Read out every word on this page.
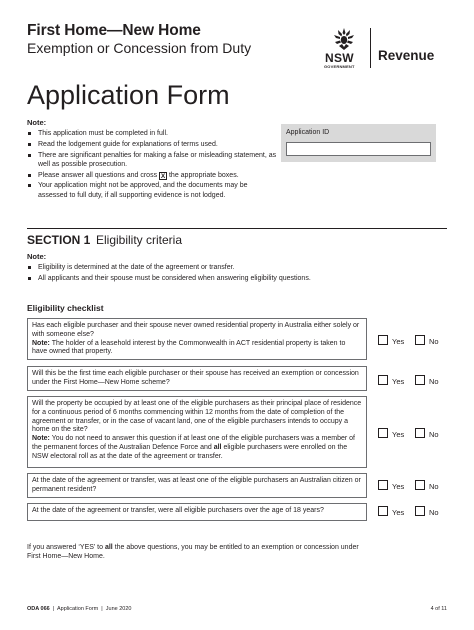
First Home—New Home
Exemption or Concession from Duty
NSW
GOVERNMENT
Revenue
Application Form
Note:
This application must be completed in full.
Read the lodgement guide for explanations of terms used.
There are significant penalties for making a false or misleading statement, as well as possible prosecution.
Please answer all questions and cross X the appropriate boxes.
Your application might not be approved, and the documents may be assessed to full duty, if all supporting evidence is not lodged.
Application ID
SECTION 1 Eligibility criteria
Note:
Eligibility is determined at the date of the agreement or transfer.
All applicants and their spouse must be considered when answering eligibility questions.
Eligibility checklist
Has each eligible purchaser and their spouse never owned residential property in Australia either solely or with someone else?
Note: The holder of a leasehold interest by the Commonwealth in ACT residential property is taken to have owned that property.
Yes	No
Will this be the first time each eligible purchaser or their spouse has received an exemption or concession under the First Home—New Home scheme?	Yes	No
Will the property be occupied by at least one of the eligible purchasers as their principal place of residence for a continuous period of 6 months commencing within 12 months from the date of completion of the agreement or transfer, or in the case of vacant land, one of the eligible purchasers intends to occupy a home on the site?
Note: You do not need to answer this question if at least one of the eligible purchasers was a member of the permanent forces of the Australian Defence Force and all eligible purchasers were enrolled on the NSW electoral roll as at the date of the agreement or transfer.
Yes	No
At the date of the agreement or transfer, was at least one of the eligible purchasers an Australian citizen or permanent resident?	Yes	No
At the date of the agreement or transfer, were all eligible purchasers over the age of 18 years?	Yes	No
If you answered ‘YES’ to all the above questions, you may be entitled to an exemption or concession under First Home—New Home.
ODA 066  |  Application Form  |  June 2020	4 of 11
